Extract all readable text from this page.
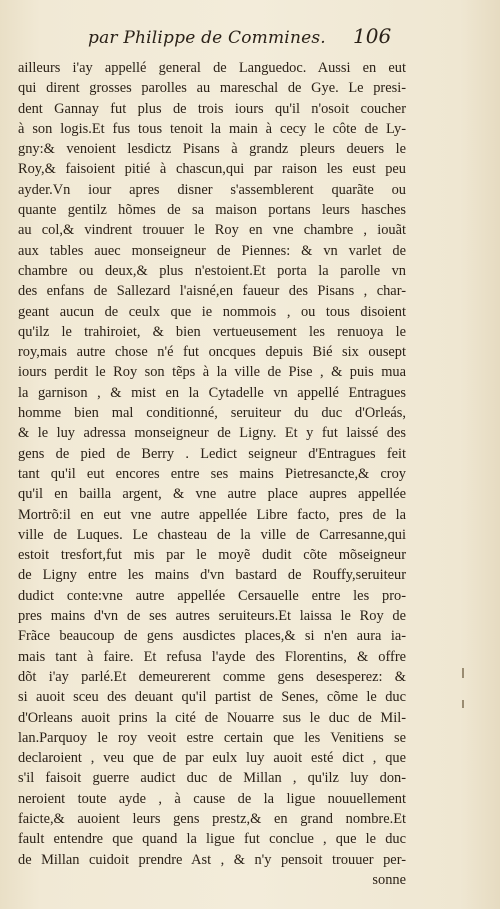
par Philippe de Commines. 106
ailleurs i'ay appellé general de Languedoc. Aussi en eut
qui dirent grosses parolles au mareschal de Gye. Le presi-
dent Gannay fut plus de trois iours qu'il n'osoit coucher
à son logis.Et fus tous tenoit la main à cecy le côte de Ly-
gny:& venoient lesdictz Pisans à grandz pleurs deuers le
Roy,& faisoient pitié à chascun,qui par raison les eust peu
ayder.Vn iour apres disner s'assemblerent quarãte ou
quante gentilz hõmes de sa maison portans leurs hasches
au col,& vindrent trouuer le Roy en vne chambre , iouãt
aux tables auec monseigneur de Piennes: & vn varlet de
chambre ou deux,& plus n'estoient.Et porta la parolle vn
des enfans de Sallezard l'aisné,en faueur des Pisans , char-
geant aucun de ceulx que ie nommois , ou tous disoient
qu'ilz le trahiroiet, & bien vertueusement les renuoya le
roy,mais autre chose n'é fut oncques depuis Bié six ousept
iours perdit le Roy son tẽps à la ville de Pise , & puis mua
la garnison , & mist en la Cytadelle vn appellé Entragues
homme bien mal conditionné, seruiteur du duc d'Orleás,
& le luy adressa monseigneur de Ligny. Et y fut laissé des
gens de pied de Berry . Ledict seigneur d'Entragues feit
tant qu'il eut encores entre ses mains Pietresancte,& croy
qu'il en bailla argent, & vne autre place aupres appellée
Mortrõ:il en eut vne autre appellée Libre facto, pres de la
ville de Luques. Le chasteau de la ville de Carresanne,qui
estoit tresfort,fut mis par le moyẽ dudit cõte mõseigneur
de Ligny entre les mains d'vn bastard de Rouffy,seruiteur
dudict conte:vne autre appellée Cersauelle entre les pro-
pres mains d'vn de ses autres seruiteurs.Et laissa le Roy de
Frãce beaucoup de gens ausdictes places,& si n'en aura ia-
mais tant à faire. Et refusa l'ayde des Florentins, & offre
dõt i'ay parlé.Et demeurerent comme gens desesperez: &
si auoit sceu des deuant qu'il partist de Senes, cõme le duc
d'Orleans auoit prins la cité de Nouarre sus le duc de Mil-
lan.Parquoy le roy veoit estre certain que les Venitiens se
declaroient , veu que de par eulx luy auoit esté dict , que
s'il faisoit guerre audict duc de Millan , qu'ilz luy don-
neroient toute ayde , à cause de la ligue nouuellement
faicte,& auoient leurs gens prestz,& en grand nombre.Et
fault entendre que quand la ligue fut conclue , que le duc
de Millan cuidoit prendre Ast , & n'y pensoit trouuer per-
sonne
